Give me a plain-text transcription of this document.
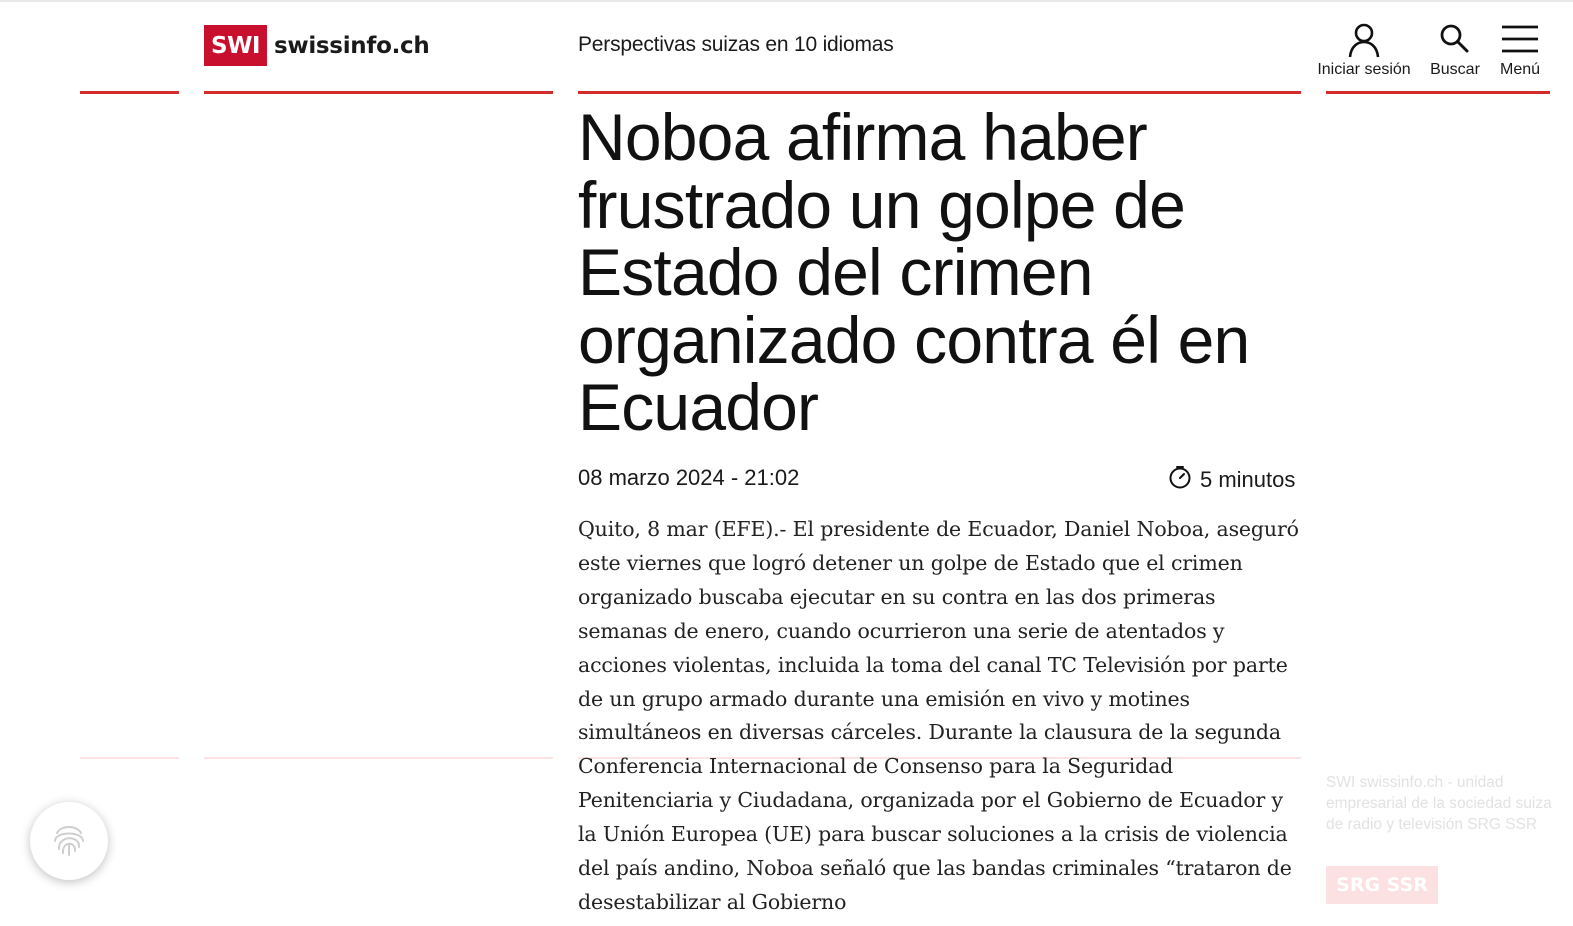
SWI swissinfo.ch	Perspectivas suizas en 10 idiomas
Iniciar sesión Buscar Menú
Noboa afirma haber frustrado un golpe de Estado del crimen organizado contra él en Ecuador
08 marzo 2024 - 21:02	5 minutos

Quito, 8 mar (EFE).- El presidente de Ecuador, Daniel Noboa, aseguró este viernes que logró detener un golpe de Estado que el crimen organizado buscaba ejecutar en su contra en las dos primeras semanas de enero, cuando ocurrieron una serie de atentados y acciones violentas, incluida la toma del canal TC Televisión por parte de un grupo armado durante una emisión en vivo y motines simultáneos en diversas cárceles. Durante la clausura de la segunda Conferencia Internacional de Consenso para la Seguridad Penitenciaria y Ciudadana, organizada por el Gobierno de Ecuador y la Unión Europea (UE) para buscar soluciones a la crisis de violencia del país andino, Noboa señaló que las bandas criminales “trataron de desestabilizar al Gobierno

SWI swissinfo.ch - unidad empresarial de la sociedad suiza de radio y televisión SRG SSR
SRG SSR
